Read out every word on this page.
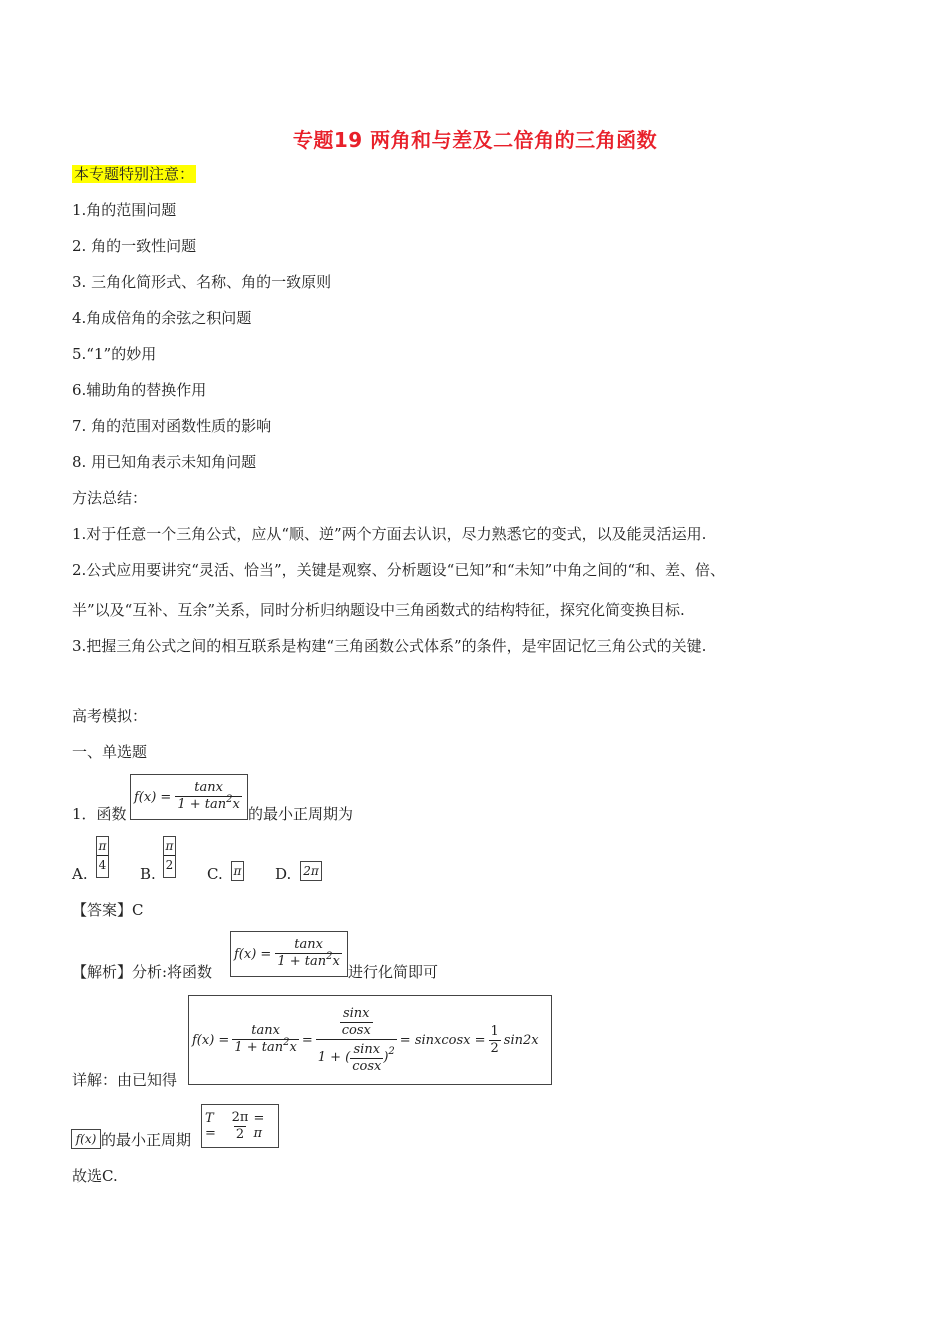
专题19 两角和与差及二倍角的三角函数
本专题特别注意：
1.角的范围问题
2. 角的一致性问题
3. 三角化简形式、名称、角的一致原则
4.角成倍角的余弦之积问题
5.“1”的妙用
6.辅助角的替换作用
7. 角的范围对函数性质的影响
8. 用已知角表示未知角问题
方法总结：
1.对于任意一个三角公式，应从“顺、逆”两个方面去认识，尽力熟悉它的变式，以及能灵活运用.
2.公式应用要讲究“灵活、恰当”，关键是观察、分析题设“已知”和“未知”中角之间的“和、差、倍、
半”以及“互补、互余”关系，同时分析归纳题设中三角函数式的结构特征，探究化简变换目标.
3.把握三角公式之间的相互联系是构建“三角函数公式体系”的条件，是牢固记忆三角公式的关键.
高考模拟：
一、单选题
1．函数
$f(x) = \frac{\tan x}{1 + \tan^2x}$ 的最小正周期为
A. $\frac{\pi}{4} B$. $\frac{\pi}{2} C$. π D. 2π
【答案】C
【解析】分析:将函数
$f(x) = \frac{\tan x}{1 + \tan^2x}$
进行化简即可
详解：由已知得
$f(x) = \frac{\tan x}{1 + \tan^2x}$ =
$\frac{\sin x}{\cos x}$
1 + ( $\frac{\sin x}{\cos x}$ ) 2
= sinxcosx = $\frac{1}{2} \sin 2x$
f(x) 的最小正周期
T =	$\frac{2\pi}{2} = \pi$
故选C.
